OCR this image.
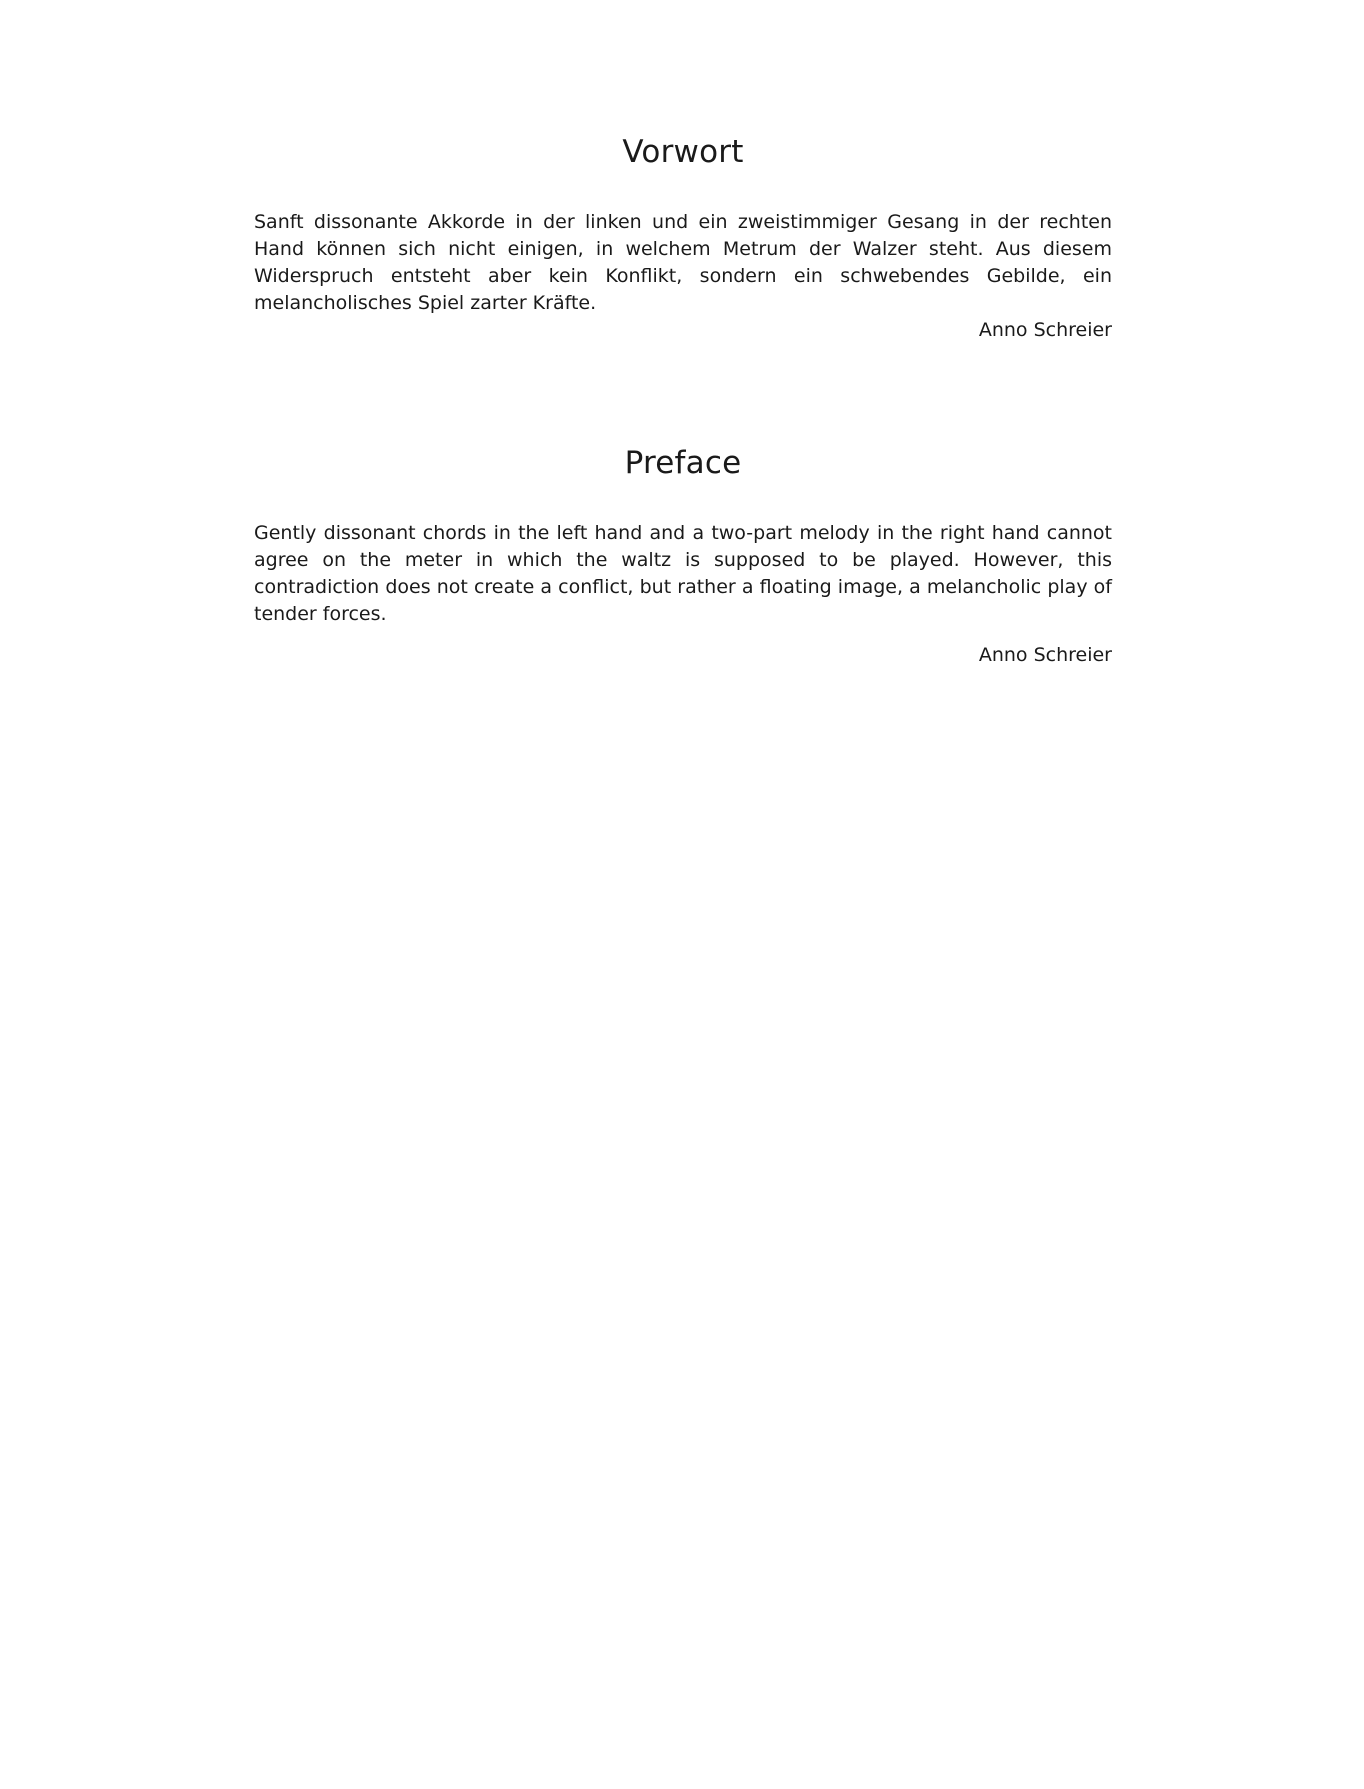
Vorwort

Sanft dissonante Akkorde in der linken und ein zweistimmiger Gesang in der rechten Hand können sich nicht einigen, in welchem Metrum der Walzer steht. Aus diesem Widerspruch entsteht aber kein Konflikt, sondern ein schwebendes Gebilde, ein melancholisches Spiel zarter Kräfte.

Anno Schreier

Preface

Gently dissonant chords in the left hand and a two-part melody in the right hand cannot agree on the meter in which the waltz is supposed to be played. However, this contradiction does not create a conflict, but rather a floating image, a melancholic play of tender forces.

Anno Schreier
